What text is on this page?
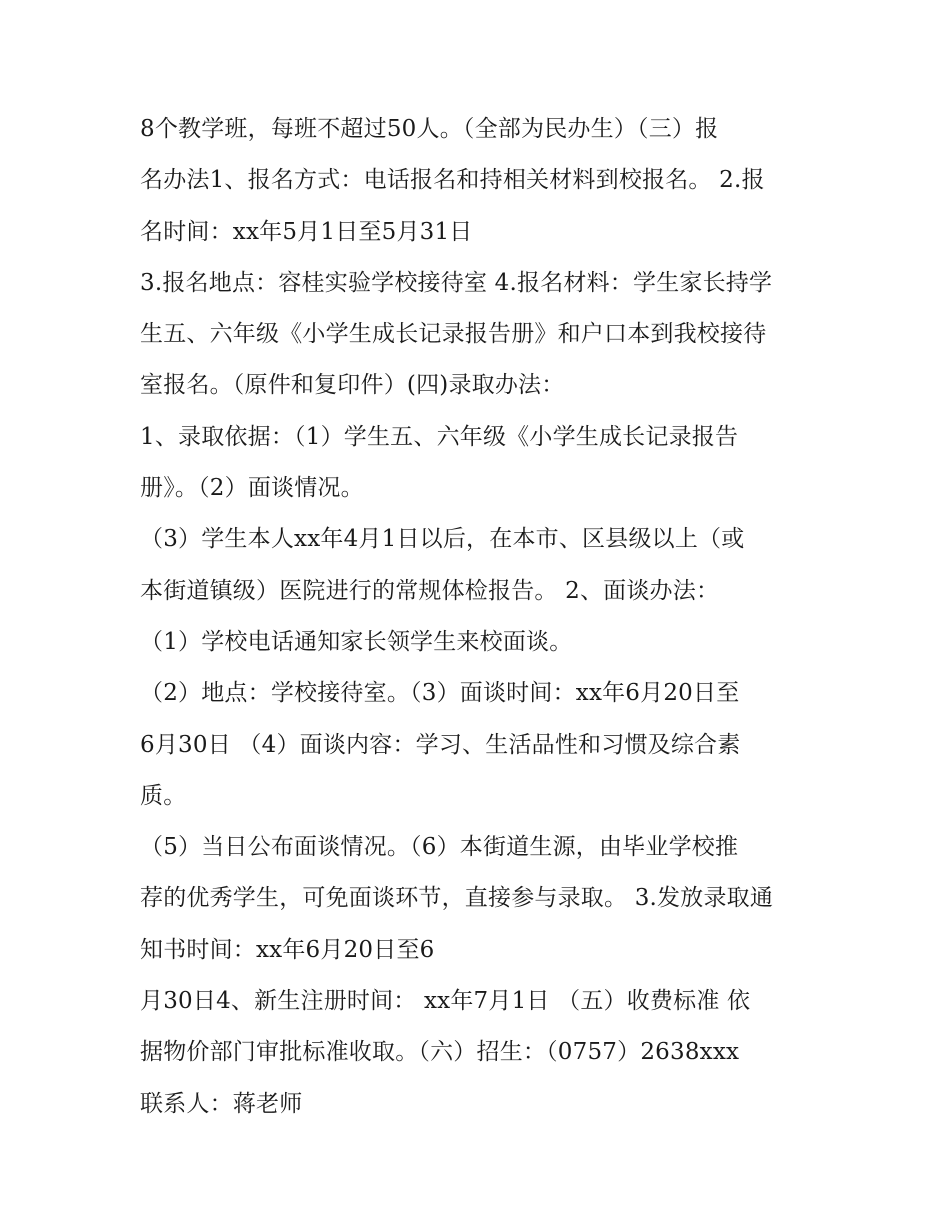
8个教学班，每班不超过50人。（全部为民办生）（三）报
名办法1、报名方式：电话报名和持相关材料到校报名。 2.报
名时间：xx年5月1日至5月31日
3.报名地点：容桂实验学校接待室 4.报名材料：学生家长持学
生五、六年级《小学生成长记录报告册》和户口本到我校接待
室报名。（原件和复印件）(四)录取办法：
1、录取依据：（1）学生五、六年级《小学生成长记录报告
册》。（2）面谈情况。
（3）学生本人xx年4月1日以后，在本市、区县级以上（或
本街道镇级）医院进行的常规体检报告。 2、面谈办法：
（1）学校电话通知家长领学生来校面谈。
（2）地点：学校接待室。（3）面谈时间：xx年6月20日至
6月30日 （4）面谈内容：学习、生活品性和习惯及综合素
质。
（5）当日公布面谈情况。（6）本街道生源，由毕业学校推
荐的优秀学生，可免面谈环节，直接参与录取。 3.发放录取通
知书时间：xx年6月20日至6
月30日4、新生注册时间： xx年7月1日 （五）收费标准 依
据物价部门审批标准收取。（六）招生：（0757）2638xxx
联系人：蒋老师
